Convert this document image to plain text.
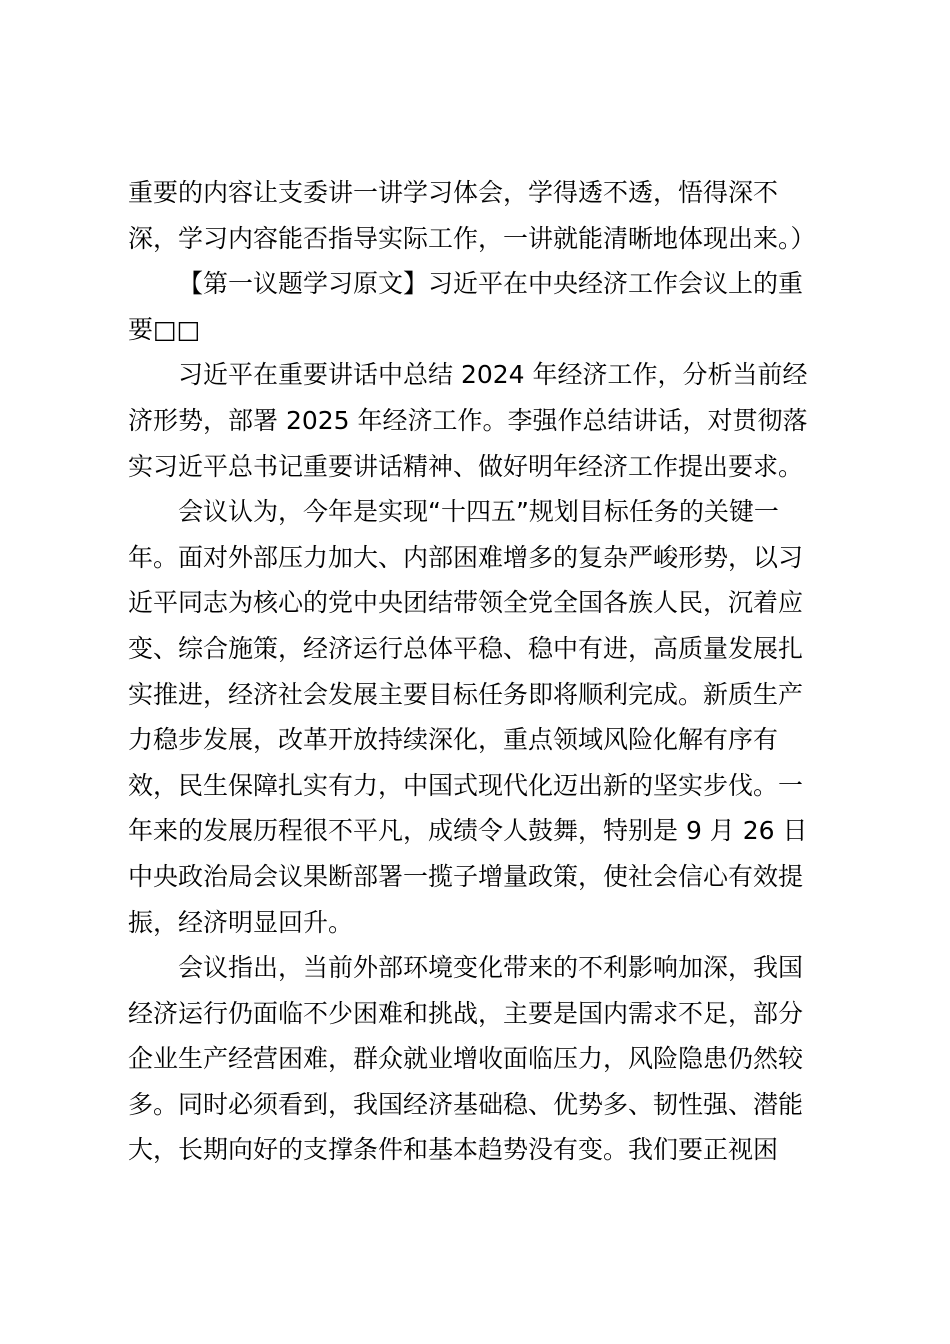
重要的内容让支委讲一讲学习体会，学得透不透，悟得深不
深，学习内容能否指导实际工作，一讲就能清晰地体现出来。）
【第一议题学习原文】习近平在中央经济工作会议上的重
要□□
习近平在重要讲话中总结 2024 年经济工作，分析当前经
济形势，部署 2025 年经济工作。李强作总结讲话，对贯彻落
实习近平总书记重要讲话精神、做好明年经济工作提出要求。
会议认为，今年是实现“十四五”规划目标任务的关键一
年。面对外部压力加大、内部困难增多的复杂严峻形势，以习
近平同志为核心的党中央团结带领全党全国各族人民，沉着应
变、综合施策，经济运行总体平稳、稳中有进，高质量发展扎
实推进，经济社会发展主要目标任务即将顺利完成。新质生产
力稳步发展，改革开放持续深化，重点领域风险化解有序有
效，民生保障扎实有力，中国式现代化迈出新的坚实步伐。一
年来的发展历程很不平凡，成绩令人鼓舞，特别是 9 月 26 日
中央政治局会议果断部署一揽子增量政策，使社会信心有效提
振，经济明显回升。
会议指出，当前外部环境变化带来的不利影响加深，我国
经济运行仍面临不少困难和挑战，主要是国内需求不足，部分
企业生产经营困难，群众就业增收面临压力，风险隐患仍然较
多。同时必须看到，我国经济基础稳、优势多、韧性强、潜能
大，长期向好的支撑条件和基本趋势没有变。我们要正视困
